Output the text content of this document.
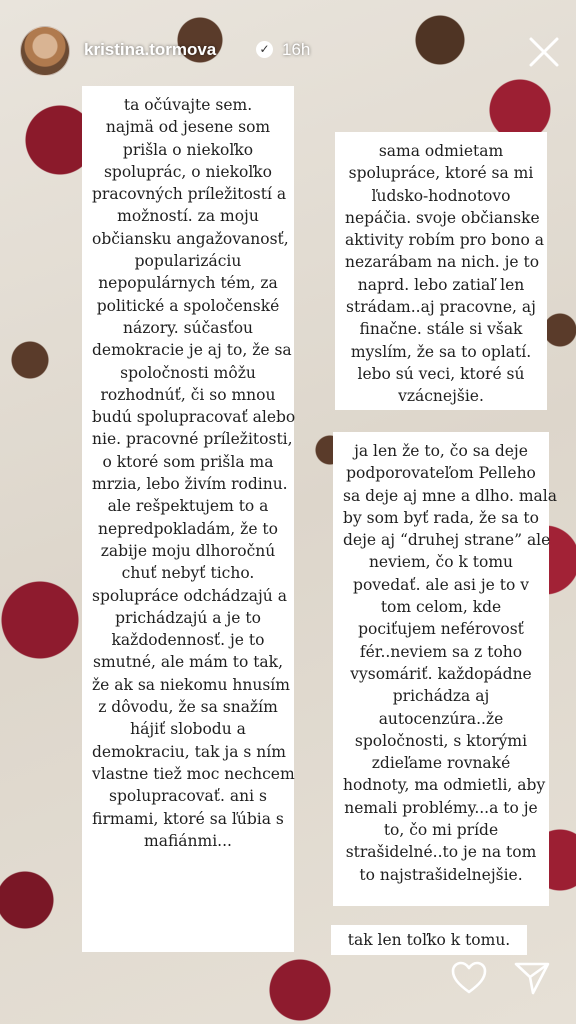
kristina.tormova	✓ 16h
ta očúvajte sem.
najmä od jesene som
prišla o niekoľko
spoluprác, o niekoľko
pracovných príležitostí a
možností. za moju
občiansku angažovanosť,
popularizáciu
nepopulárnych tém, za
politické a spoločenské
názory. súčasťou
demokracie je aj to, že sa
spoločnosti môžu
rozhodnúť, či so mnou
budú spolupracovať alebo
nie. pracovné príležitosti,
o ktoré som prišla ma
mrzia, lebo živím rodinu.
ale rešpektujem to a
nepredpokladám, že to
zabije moju dlhoročnú
chuť nebyť ticho.
spolupráce odchádzajú a
prichádzajú a je to
každodennosť. je to
smutné, ale mám to tak,
že ak sa niekomu hnusím
z dôvodu, že sa snažím
hájiť slobodu a
demokraciu, tak ja s ním
vlastne tiež moc nechcem
spolupracovať. ani s
firmami, ktoré sa ľúbia s
mafiánmi...
sama odmietam
spolupráce, ktoré sa mi
ľudsko-hodnotovo
nepáčia. svoje občianske
aktivity robím pro bono a
nezarábam na nich. je to
naprd. lebo zatiaľ len
strádam..aj pracovne, aj
finačne. stále si však
myslím, že sa to oplatí.
lebo sú veci, ktoré sú
vzácnejšie.
ja len že to, čo sa deje
podporovateľom Pelleho
sa deje aj mne a dlho. mala
by som byť rada, že sa to
deje aj “druhej strane” ale
neviem, čo k tomu
povedať. ale asi je to v
tom celom, kde
pociťujem neférovosť
fér..neviem sa z toho
vysomáriť. každopádne
prichádza aj
autocenzúra..že
spoločnosti, s ktorými
zdieľame rovnaké
hodnoty, ma odmietli, aby
nemali problémy...a to je
to, čo mi príde
strašidelné..to je na tom
to najstrašidelnejšie.
tak len toľko k tomu.
